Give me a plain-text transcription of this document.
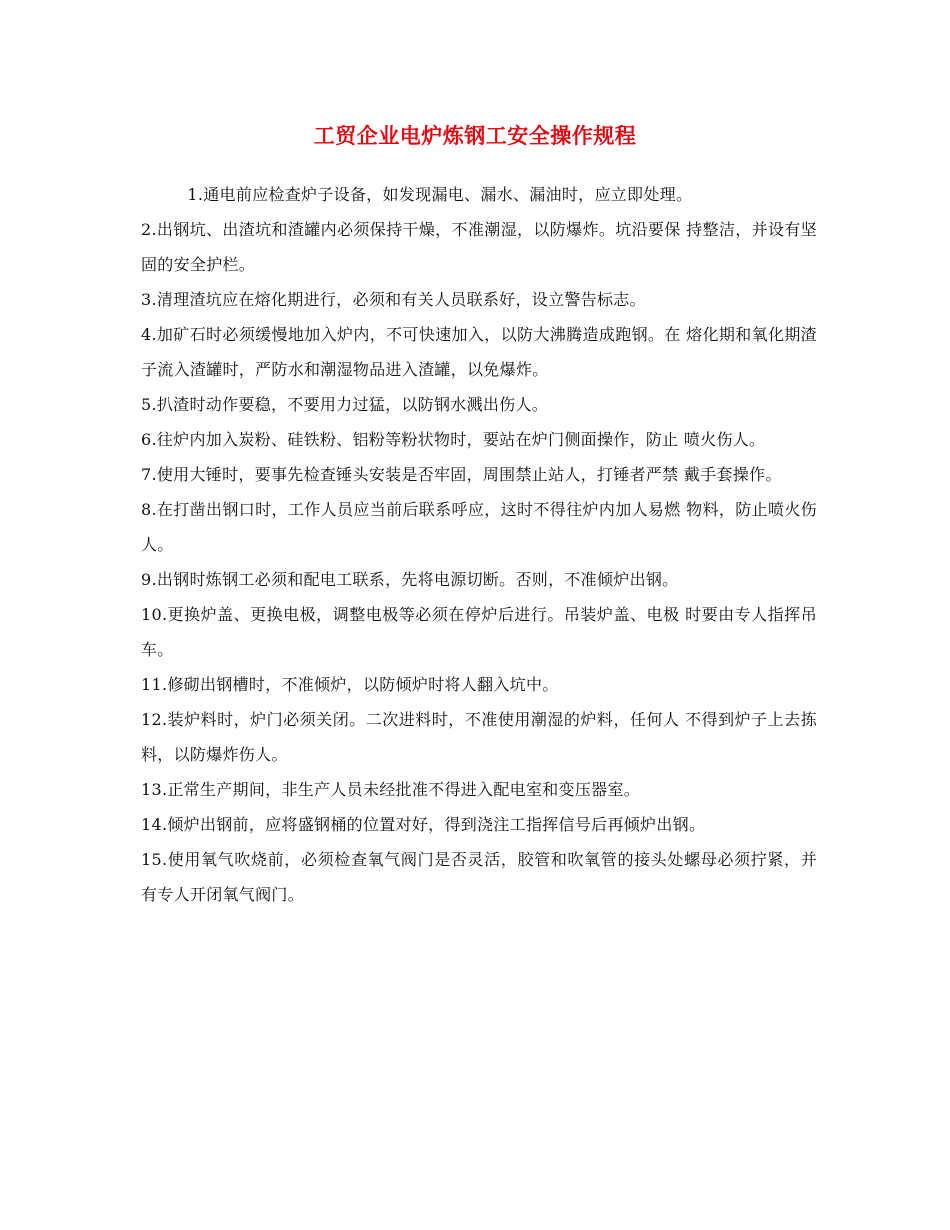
工贸企业电炉炼钢工安全操作规程

1.通电前应检查炉子设备，如发现漏电、漏水、漏油时，应立即处理。

2.出钢坑、出渣坑和渣罐内必须保持干燥，不准潮湿，以防爆炸。坑沿要保 持整洁，并设有坚固的安全护栏。

3.清理渣坑应在熔化期进行，必须和有关人员联系好，设立警告标志。

4.加矿石时必须缓慢地加入炉内，不可快速加入，以防大沸腾造成跑钢。在 熔化期和氧化期渣子流入渣罐时，严防水和潮湿物品进入渣罐，以免爆炸。

5.扒渣时动作要稳，不要用力过猛，以防钢水溅出伤人。

6.往炉内加入炭粉、硅铁粉、铝粉等粉状物时，要站在炉门侧面操作，防止 喷火伤人。

7.使用大锤时，要事先检查锤头安装是否牢固，周围禁止站人，打锤者严禁 戴手套操作。

8.在打凿出钢口时，工作人员应当前后联系呼应，这时不得往炉内加人易燃 物料，防止喷火伤人。

9.出钢时炼钢工必须和配电工联系，先将电源切断。否则，不准倾炉出钢。

10.更换炉盖、更换电极，调整电极等必须在停炉后进行。吊装炉盖、电极 时要由专人指挥吊车。

11.修砌出钢槽时，不准倾炉，以防倾炉时将人翻入坑中。

12.装炉料时，炉门必须关闭。二次进料时，不准使用潮湿的炉料，任何人 不得到炉子上去拣料，以防爆炸伤人。

13.正常生产期间，非生产人员未经批准不得进入配电室和变压器室。

14.倾炉出钢前，应将盛钢桶的位置对好，得到浇注工指挥信号后再倾炉出钢。

15.使用氧气吹烧前，必须检查氧气阀门是否灵活，胶管和吹氧管的接头处螺母必须拧紧，并有专人开闭氧气阀门。
